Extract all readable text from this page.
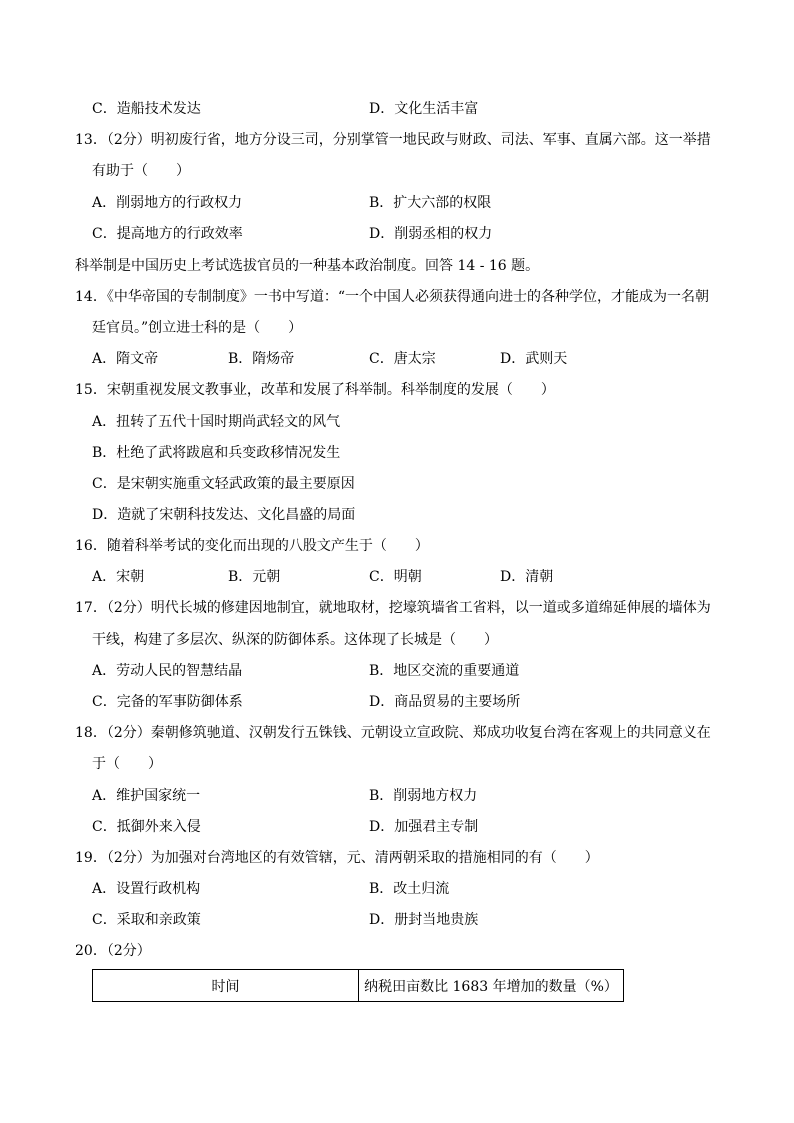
C．造船技术发达	D．文化生活丰富
13．（2分）明初废行省，地方分设三司，分别掌管一地民政与财政、司法、军事、直属六部。这一举措
有助于（　　）
A．削弱地方的行政权力	B．扩大六部的权限
C．提高地方的行政效率	D．削弱丞相的权力
科举制是中国历史上考试选拔官员的一种基本政治制度。回答 14 - 16 题。
14．《中华帝国的专制制度》一书中写道：“一个中国人必须获得通向进士的各种学位，才能成为一名朝
廷官员。”创立进士科的是（　　）
A．隋文帝	B．隋炀帝	C．唐太宗	D．武则天
15．宋朝重视发展文教事业，改革和发展了科举制。科举制度的发展（　　）
A．扭转了五代十国时期尚武轻文的风气
B．杜绝了武将跋扈和兵变政移情况发生
C．是宋朝实施重文轻武政策的最主要原因
D．造就了宋朝科技发达、文化昌盛的局面
16．随着科举考试的变化而出现的八股文产生于（　　）
A．宋朝	B．元朝	C．明朝	D．清朝
17．（2分）明代长城的修建因地制宜，就地取材，挖壕筑墙省工省料，以一道或多道绵延伸展的墙体为
干线，构建了多层次、纵深的防御体系。这体现了长城是（　　）
A．劳动人民的智慧结晶	B．地区交流的重要通道
C．完备的军事防御体系	D．商品贸易的主要场所
18．（2分）秦朝修筑驰道、汉朝发行五铢钱、元朝设立宣政院、郑成功收复台湾在客观上的共同意义在
于（　　）
A．维护国家统一	B．削弱地方权力
C．抵御外来入侵	D．加强君主专制
19．（2分）为加强对台湾地区的有效管辖，元、清两朝采取的措施相同的有（　　）
A．设置行政机构	B．改土归流
C．采取和亲政策	D．册封当地贵族
20．（2分）
时间	纳税田亩数比 1683 年增加的数量（%）
